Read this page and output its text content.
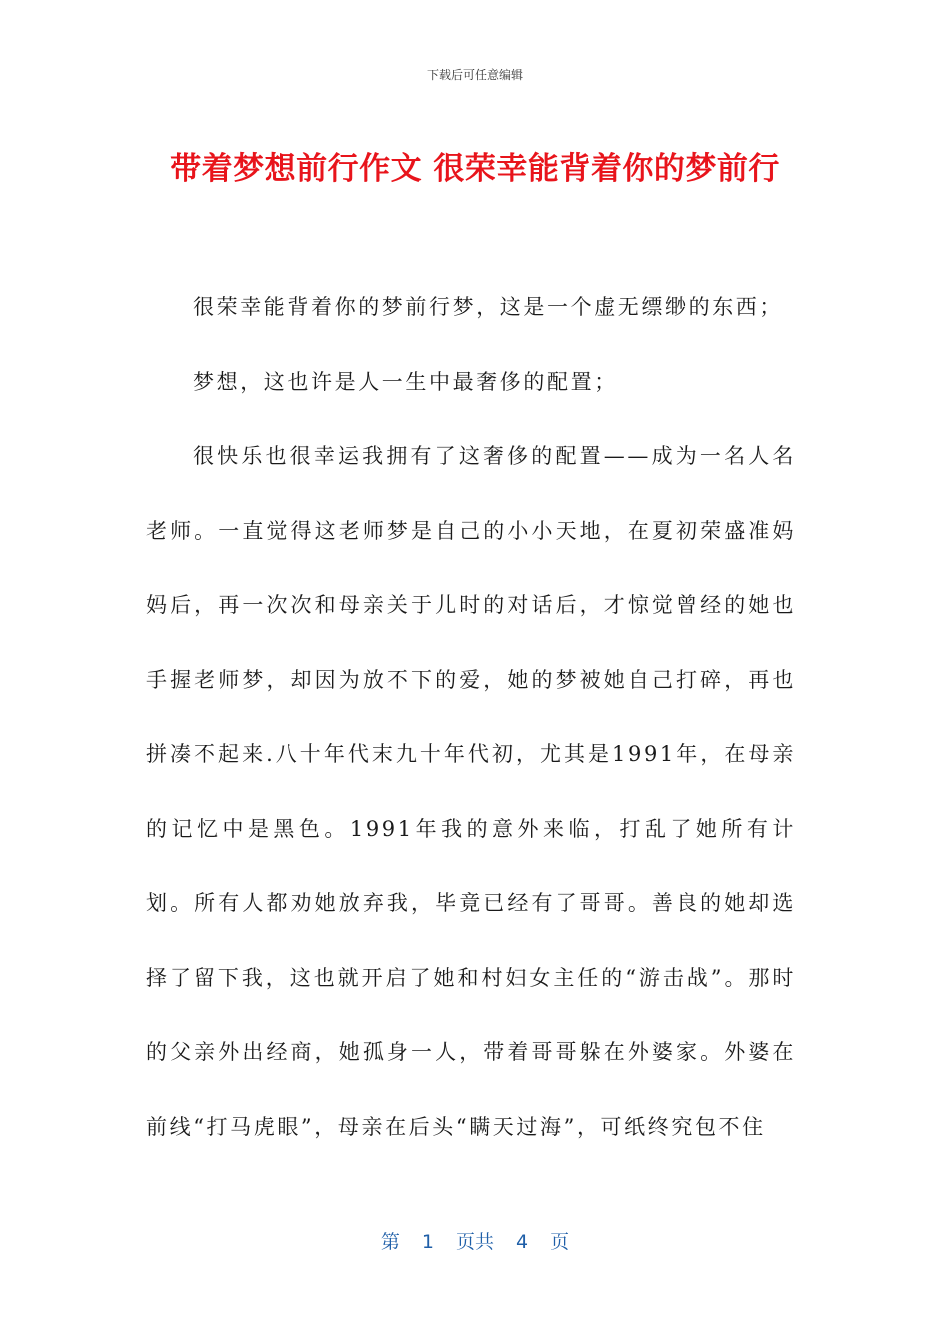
下载后可任意编辑
带着梦想前行作文 很荣幸能背着你的梦前行

很荣幸能背着你的梦前行梦，这是一个虚无缥缈的东西；

梦想，这也许是人一生中最奢侈的配置；

很快乐也很幸运我拥有了这奢侈的配置——成为一名人名老师。一直觉得这老师梦是自己的小小天地，在夏初荣盛准妈妈后，再一次次和母亲关于儿时的对话后，才惊觉曾经的她也手握老师梦，却因为放不下的爱，她的梦被她自己打碎，再也拼凑不起来.八十年代末九十年代初，尤其是1991年，在母亲的记忆中是黑色。1991年我的意外来临，打乱了她所有计划。所有人都劝她放弃我，毕竟已经有了哥哥。善良的她却选择了留下我，这也就开启了她和村妇女主任的“游击战”。那时的父亲外出经商，她孤身一人，带着哥哥躲在外婆家。外婆在前线“打马虎眼”，母亲在后头“瞒天过海”，可纸终究包不住

第 1 页共 4 页
